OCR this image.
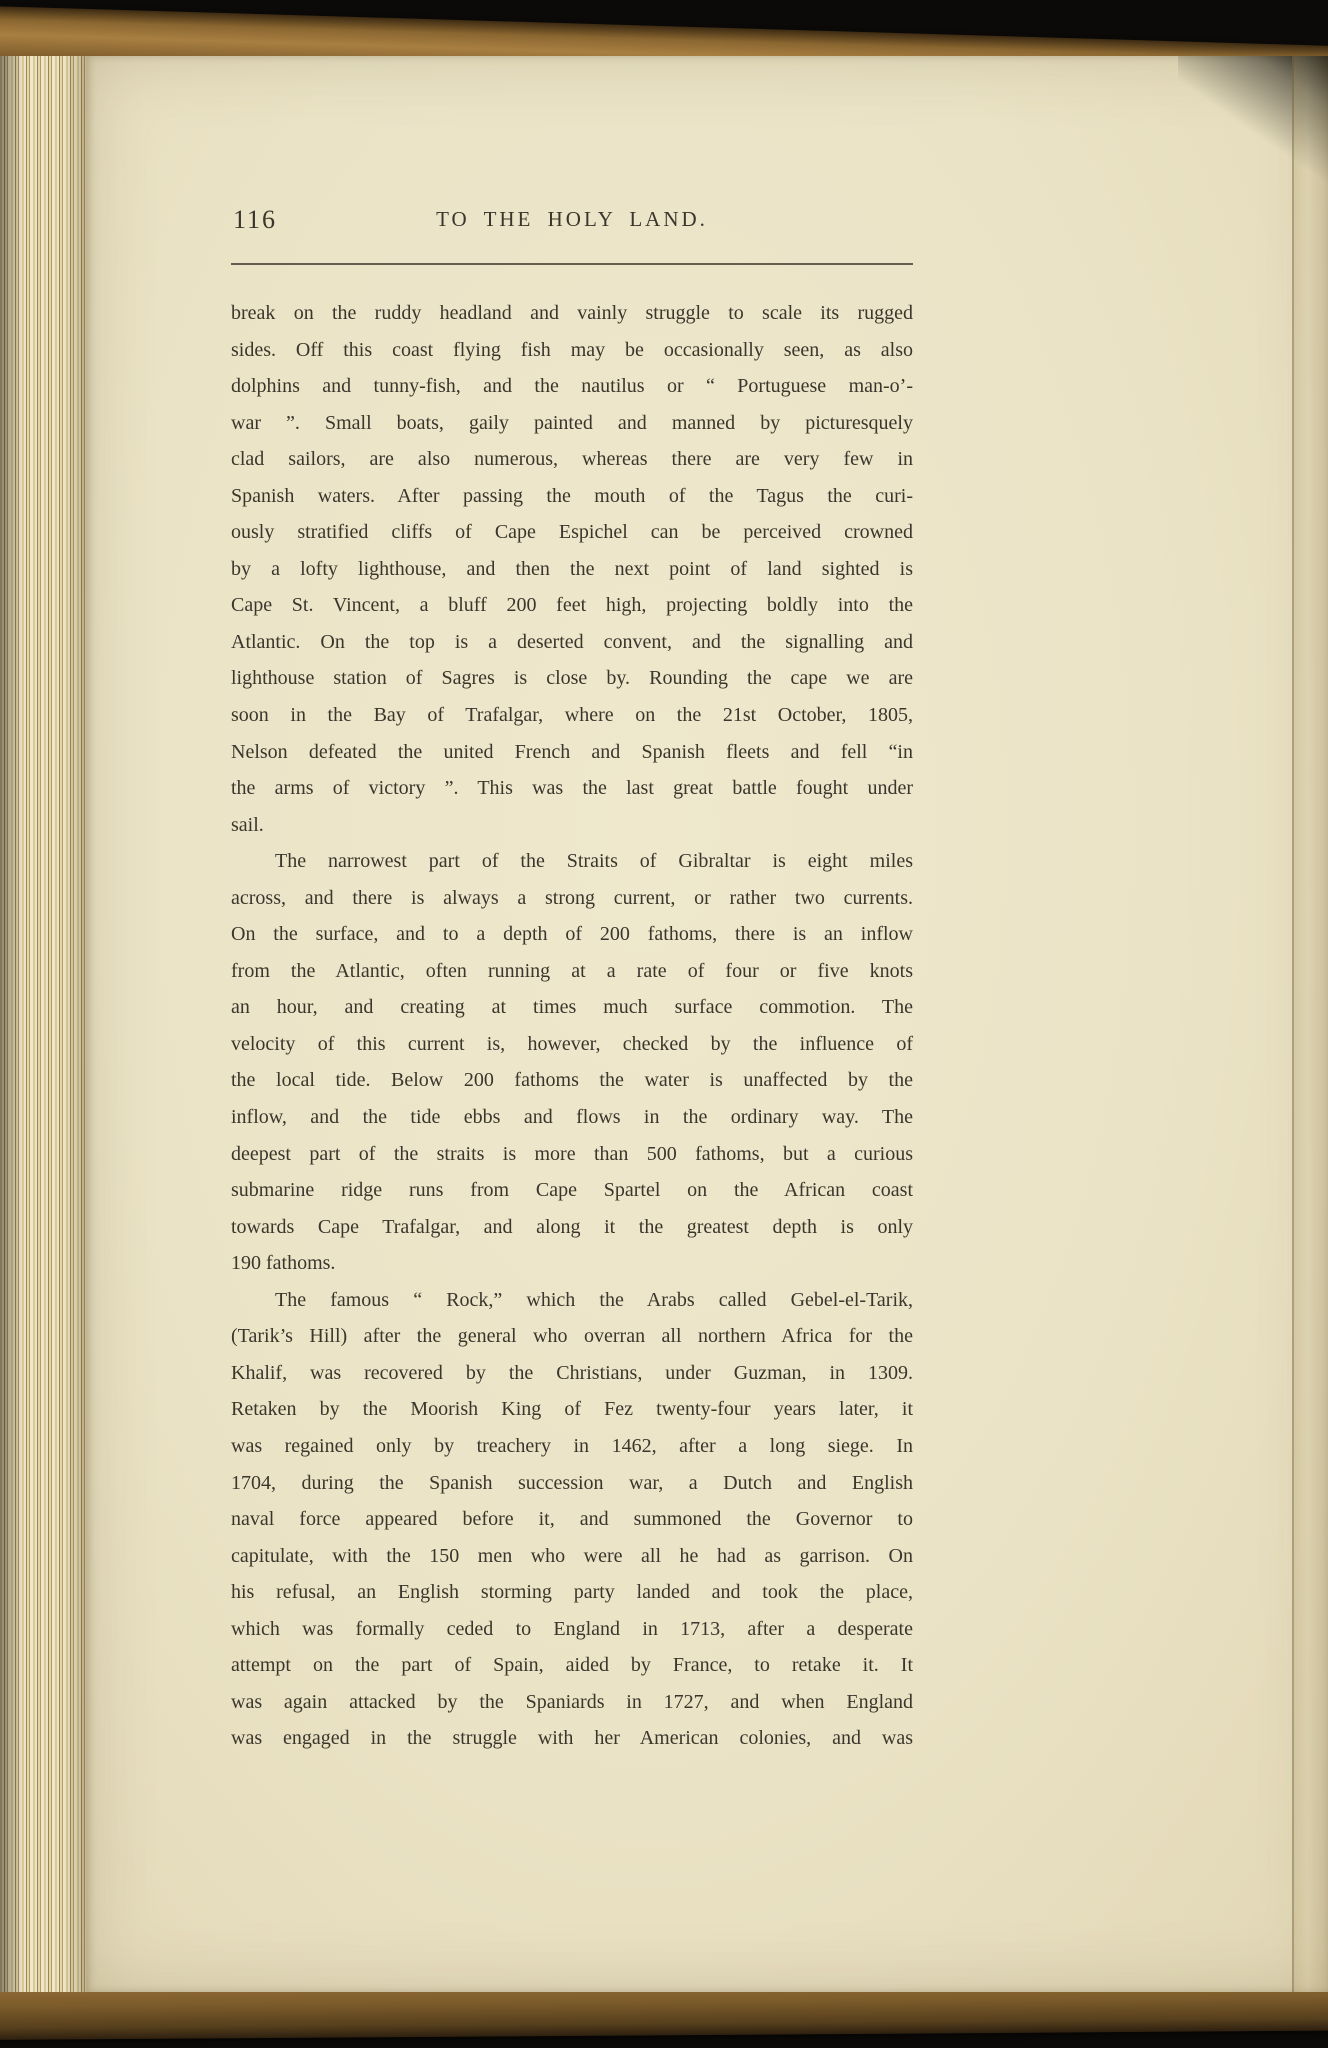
116	TO THE HOLY LAND.
break on the ruddy headland and vainly struggle to scale its rugged
sides. Off this coast flying fish may be occasionally seen, as also
dolphins and tunny-fish, and the nautilus or “ Portuguese man-o’-
war ”. Small boats, gaily painted and manned by picturesquely
clad sailors, are also numerous, whereas there are very few in
Spanish waters. After passing the mouth of the Tagus the curi-
ously stratified cliffs of Cape Espichel can be perceived crowned
by a lofty lighthouse, and then the next point of land sighted is
Cape St. Vincent, a bluff 200 feet high, projecting boldly into the
Atlantic. On the top is a deserted convent, and the signalling and
lighthouse station of Sagres is close by. Rounding the cape we are
soon in the Bay of Trafalgar, where on the 21st October, 1805,
Nelson defeated the united French and Spanish fleets and fell “in
the arms of victory ”. This was the last great battle fought under
sail.
The narrowest part of the Straits of Gibraltar is eight miles
across, and there is always a strong current, or rather two currents.
On the surface, and to a depth of 200 fathoms, there is an inflow
from the Atlantic, often running at a rate of four or five knots
an hour, and creating at times much surface commotion. The
velocity of this current is, however, checked by the influence of
the local tide. Below 200 fathoms the water is unaffected by the
inflow, and the tide ebbs and flows in the ordinary way. The
deepest part of the straits is more than 500 fathoms, but a curious
submarine ridge runs from Cape Spartel on the African coast
towards Cape Trafalgar, and along it the greatest depth is only
190 fathoms.
The famous “ Rock,” which the Arabs called Gebel-el-Tarik,
(Tarik’s Hill) after the general who overran all northern Africa for the
Khalif, was recovered by the Christians, under Guzman, in 1309.
Retaken by the Moorish King of Fez twenty-four years later, it
was regained only by treachery in 1462, after a long siege. In
1704, during the Spanish succession war, a Dutch and English
naval force appeared before it, and summoned the Governor to
capitulate, with the 150 men who were all he had as garrison. On
his refusal, an English storming party landed and took the place,
which was formally ceded to England in 1713, after a desperate
attempt on the part of Spain, aided by France, to retake it. It
was again attacked by the Spaniards in 1727, and when England
was engaged in the struggle with her American colonies, and was
